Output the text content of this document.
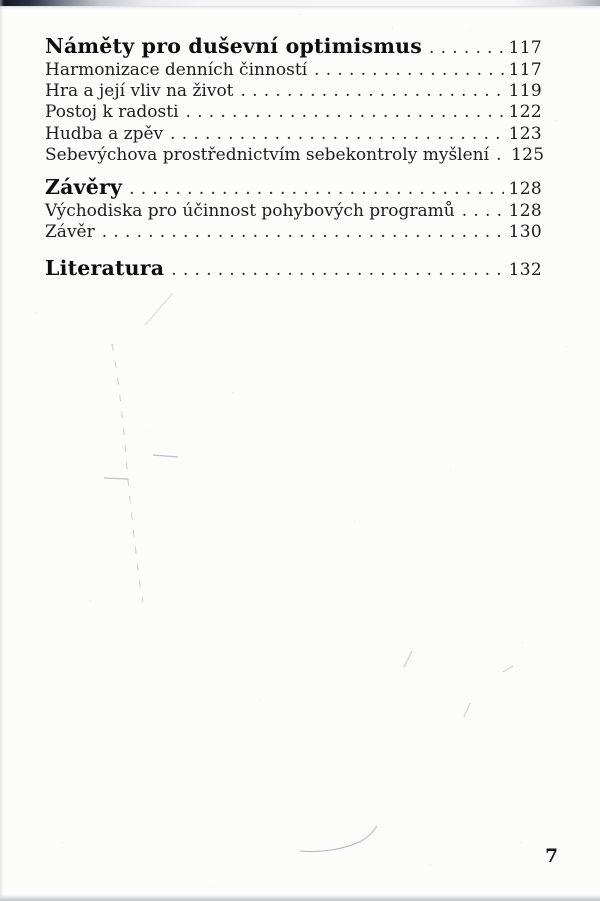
Náměty pro duševní optimismus . . .	117
Harmonizace denních činností . . .	117
Hra a její vliv na život . . .	119
Postoj k radosti . . .	122
Hudba a zpěv . . .	123
Sebevýchova prostřednictvím sebekontroly myšlení . . . 125
Závěry . . .	128
Východiska pro účinnost pohybových programů . . .	128
Závěr . . .	130
Literatura . . .	132
7
